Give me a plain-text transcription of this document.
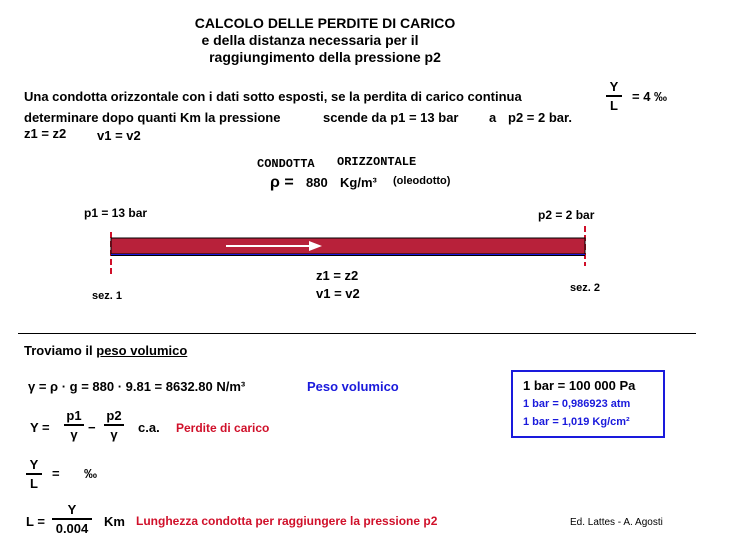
CALCOLO DELLE PERDITE DI CARICO
e della distanza necessaria per il
raggiungimento della pressione p2
Una condotta orizzontale con i dati sotto esposti, se la perdita di carico continua
Y
L
= 4 ‰
determinare dopo quanti Km la pressione	scende da p1 = 13 bar a p2 = 2 bar.
z1 = z2 v1 = v2
CONDOTTA ORIZZONTALE
ρ = 880 Kg/m³ (oleodotto)
p1 = 13 bar	p2 = 2 bar
z1 = z2
v1 = v2
sez. 1
sez. 2
Troviamo il peso volumico
γ = ρ · g = 880 · 9.81 = 8632.80 N/m³	Peso volumico
Y =
p1
γ −
p2
γ c.a. Perdite di carico
Y
L
= ‰
L =
Y
0.004 Km Lunghezza condotta per raggiungere la pressione p2
1 bar = 100 000 Pa
1 bar = 0,986923 atm
1 bar = 1,019 Kg/cm²
Ed. Lattes - A. Agosti
